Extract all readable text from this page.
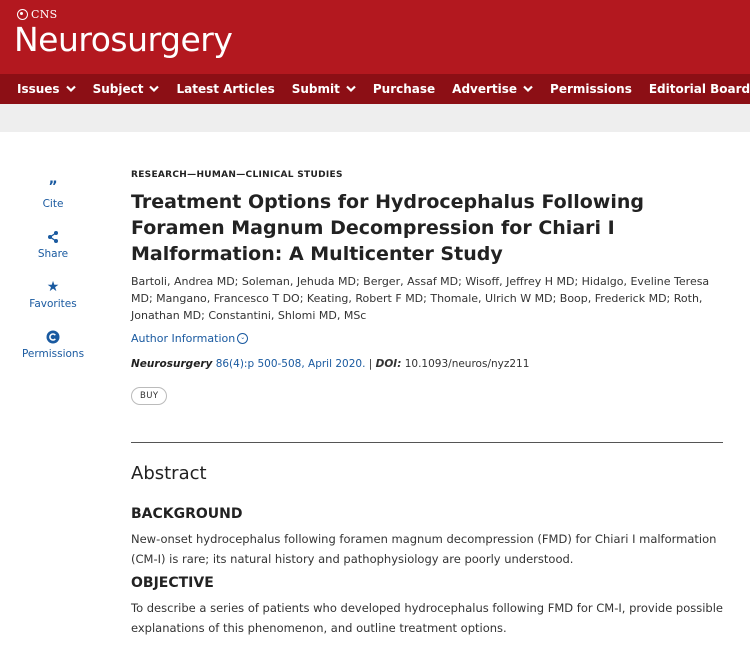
CNS
Neurosurgery
Issues	Subject	Latest Articles Submit	Purchase Advertise	Permissions Editorial Board
”
Cite
Share
★
Favorites
Permissions
RESEARCH—HUMAN—CLINICAL STUDIES
Treatment Options for Hydrocephalus Following Foramen Magnum Decompression for Chiari I Malformation: A Multicenter Study
Bartoli, Andrea MD; Soleman, Jehuda MD; Berger, Assaf MD; Wisoff, Jeffrey H MD; Hidalgo, Eveline Teresa MD; Mangano, Francesco T DO; Keating, Robert F MD; Thomale, Ulrich W MD; Boop, Frederick MD; Roth, Jonathan MD; Constantini, Shlomi MD, MSc
Author Information ⌄
Neurosurgery 86(4):p 500-508, April 2020. | DOI: 10.1093/neuros/nyz211
BUY
Abstract
BACKGROUND

New-onset hydrocephalus following foramen magnum decompression (FMD) for Chiari I malformation (CM-I) is rare; its natural history and pathophysiology are poorly understood.

OBJECTIVE

To describe a series of patients who developed hydrocephalus following FMD for CM-I, provide possible explanations of this phenomenon, and outline treatment options.
